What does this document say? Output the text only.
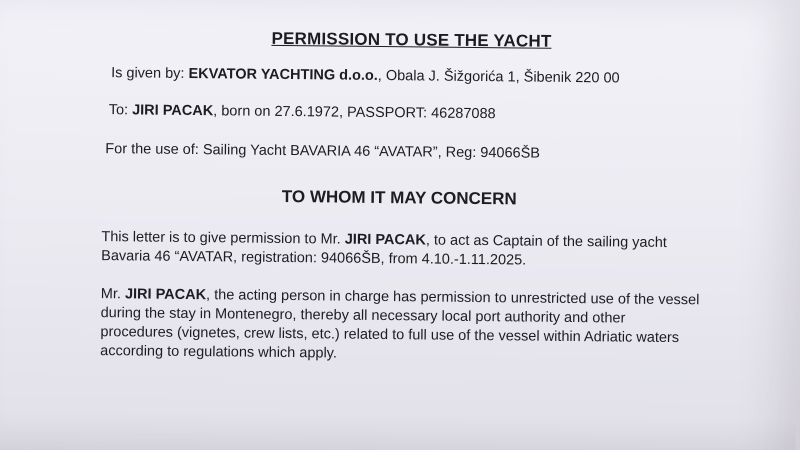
PERMISSION TO USE THE YACHT
Is given by: EKVATOR YACHTING d.o.o., Obala J. Šižgorića 1, Šibenik 220 00
To: JIRI PACAK, born on 27.6.1972, PASSPORT: 46287088
For the use of: Sailing Yacht BAVARIA 46 “AVATAR”, Reg: 94066ŠB
TO WHOM IT MAY CONCERN
This letter is to give permission to Mr. JIRI PACAK, to act as Captain of the sailing yacht
Bavaria 46 “AVATAR, registration: 94066ŠB, from 4.10.-1.11.2025.
Mr. JIRI PACAK, the acting person in charge has permission to unrestricted use of the vessel
during the stay in Montenegro, thereby all necessary local port authority and other
procedures (vignetes, crew lists, etc.) related to full use of the vessel within Adriatic waters
according to regulations which apply.
